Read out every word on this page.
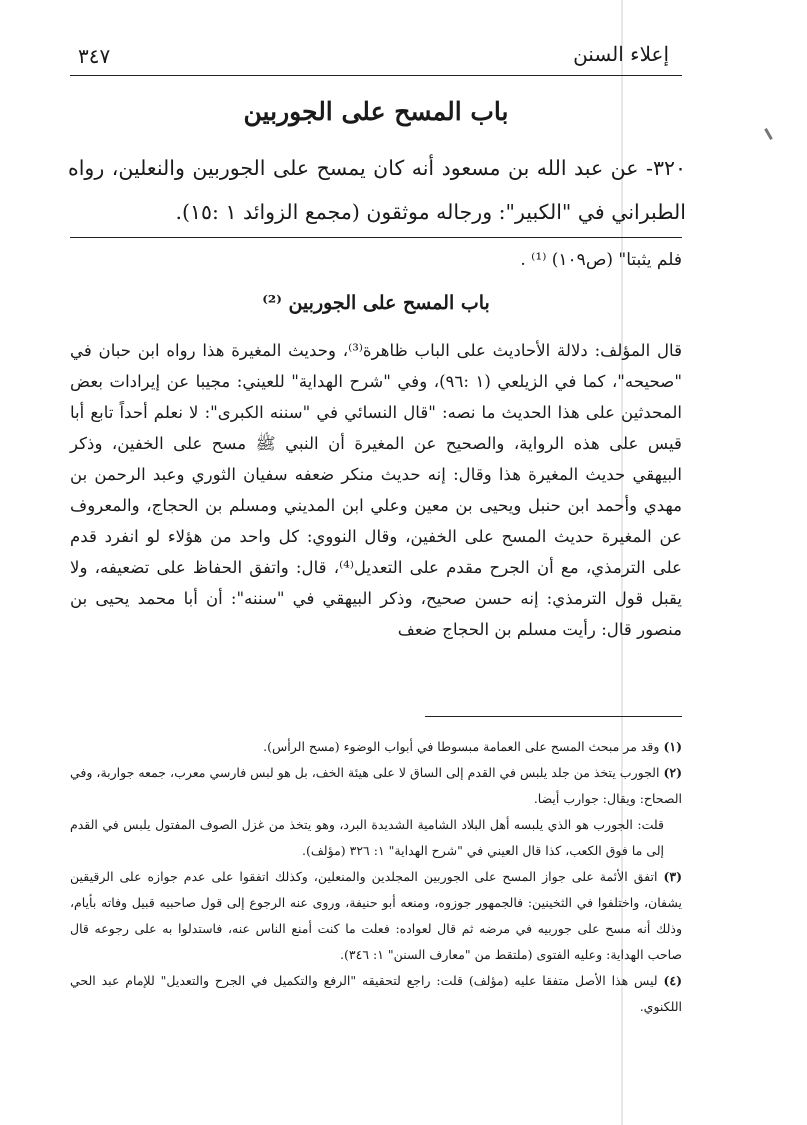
٣٤٧	إعلاء السنن
باب المسح على الجوربين
٣٢٠- عن عبد الله بن مسعود أنه كان يمسح على الجوربين والنعلين، رواه الطبراني في "الكبير": ورجاله موثقون (مجمع الزوائد ١ :١٥).
فلم يثبتا" (ص١٠٩) ⁽¹⁾ .
باب المسح على الجوربين ⁽²⁾
قال المؤلف: دلالة الأحاديث على الباب ظاهرة⁽³⁾، وحديث المغيرة هذا رواه ابن حبان في "صحيحه"، كما في الزيلعي (١ :٩٦)، وفي "شرح الهداية" للعيني: مجيبا عن إيرادات بعض المحدثين على هذا الحديث ما نصه: "قال النسائي في "سننه الكبرى": لا نعلم أحداً تابع أبا قيس على هذه الرواية، والصحيح عن المغيرة أن النبي ﷺ مسح على الخفين، وذكر البيهقي حديث المغيرة هذا وقال: إنه حديث منكر ضعفه سفيان الثوري وعبد الرحمن بن مهدي وأحمد ابن حنبل ويحيى بن معين وعلي ابن المديني ومسلم بن الحجاج، والمعروف عن المغيرة حديث المسح على الخفين، وقال النووي: كل واحد من هؤلاء لو انفرد قدم على الترمذي، مع أن الجرح مقدم على التعديل⁽⁴⁾، قال: واتفق الحفاظ على تضعيفه، ولا يقبل قول الترمذي: إنه حسن صحيح، وذكر البيهقي في "سننه": أن أبا محمد يحيى بن منصور قال: رأيت مسلم بن الحجاج ضعف

(١) وقد مر مبحث المسح على العمامة مبسوطا في أبواب الوضوء (مسح الرأس).

(٢) الجورب يتخذ من جلد يلبس في القدم إلى الساق لا على هيئة الخف، بل هو لبس فارسي معرب، جمعه جواربة، وفي الصحاح: ويقال: جوارب أيضا.

قلت: الجورب هو الذي يلبسه أهل البلاد الشامية الشديدة البرد، وهو يتخذ من غزل الصوف المفتول يلبس في القدم إلى ما فوق الكعب، كذا قال العيني في "شرح الهداية" ١: ٣٢٦ (مؤلف).

(٣) اتفق الأئمة على جواز المسح على الجوربين المجلدين والمنعلين، وكذلك اتفقوا على عدم جوازه على الرقيقين يشفان، واختلفوا في الثخينين: فالجمهور جوزوه، ومنعه أبو حنيفة، وروى عنه الرجوع إلى قول صاحبيه قبيل وفاته بأيام، وذلك أنه مسح على جوربيه في مرضه ثم قال لعواده: فعلت ما كنت أمنع الناس عنه، فاستدلوا به على رجوعه قال صاحب الهداية: وعليه الفتوى (ملتقط من "معارف السنن" ١: ٣٤٦).

(٤) ليس هذا الأصل متفقا عليه (مؤلف) قلت: راجع لتحقيقه "الرفع والتكميل في الجرح والتعديل" للإمام عبد الحي اللكنوي.
